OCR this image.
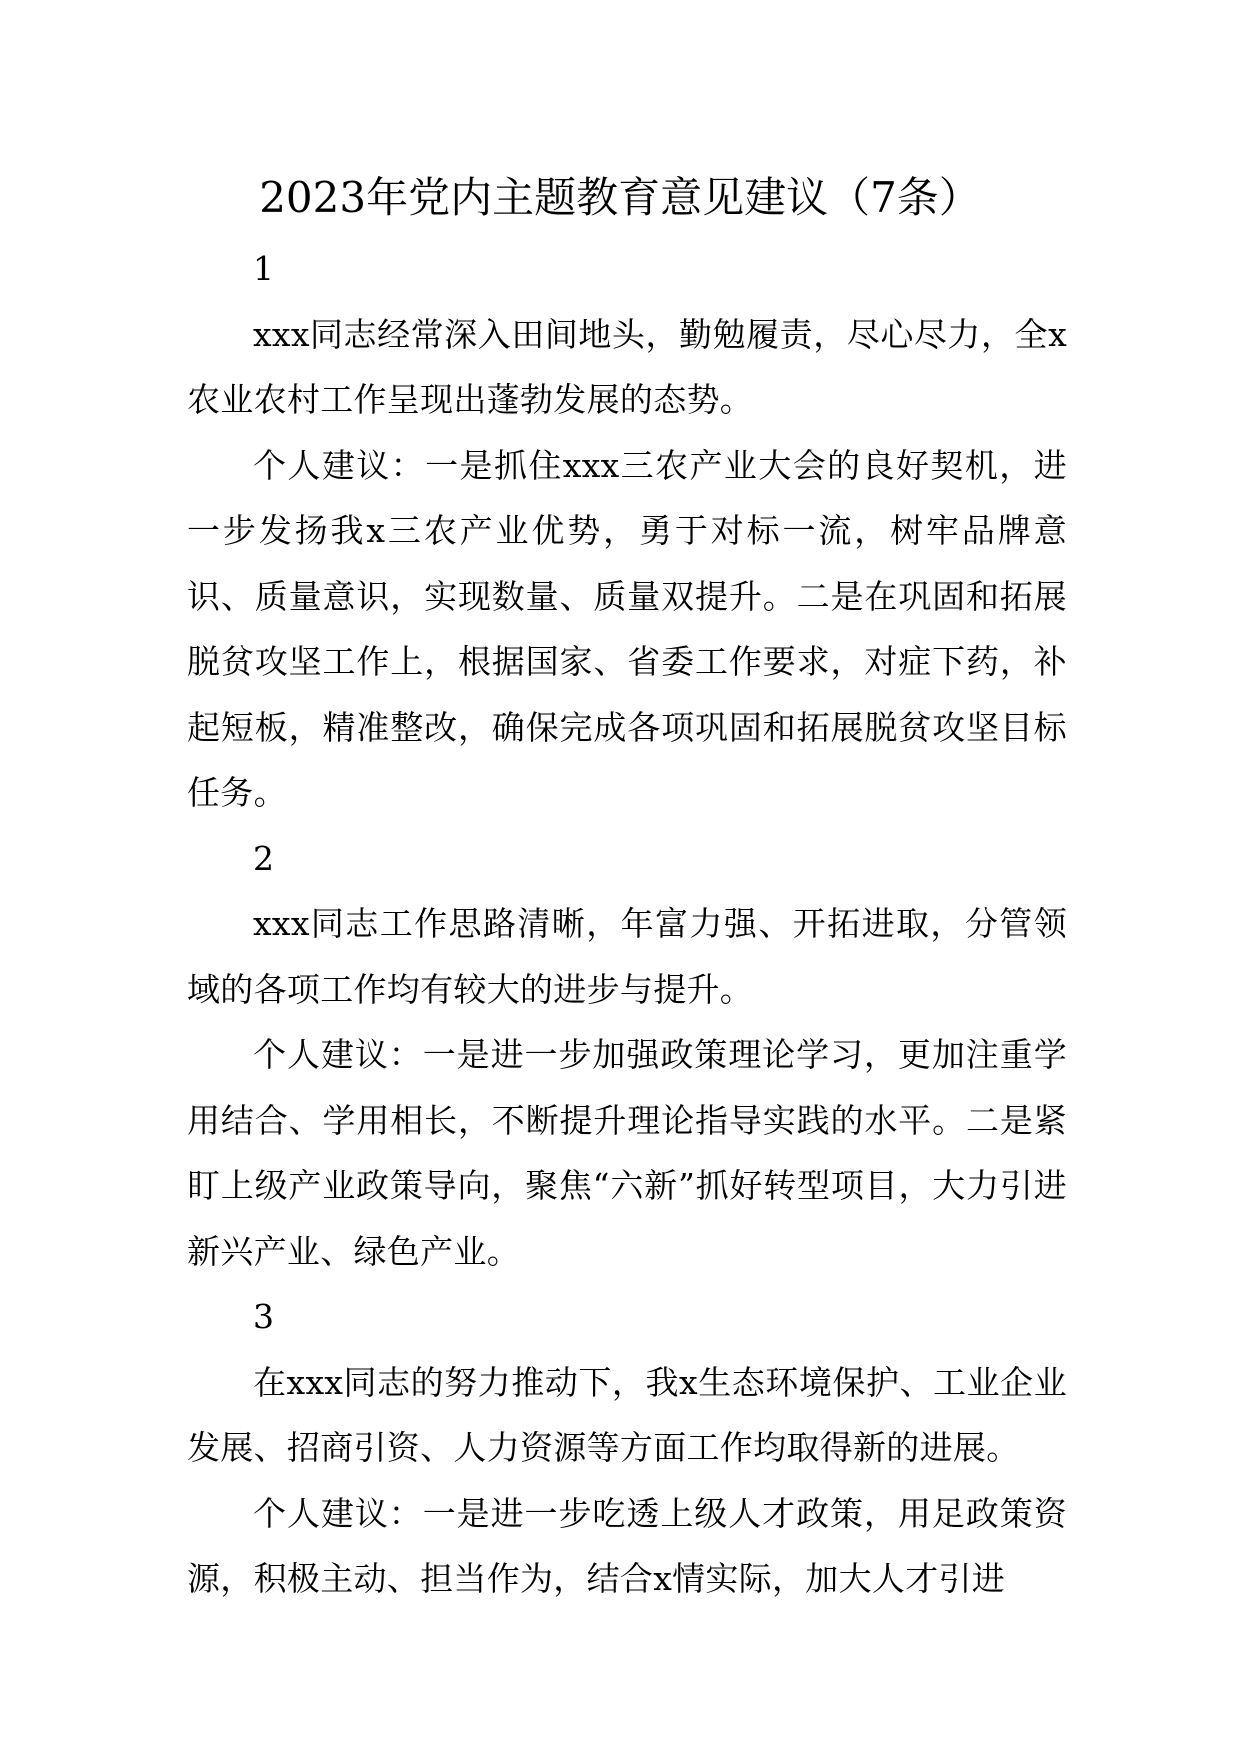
2023年党内主题教育意见建议（7条）

1

xxx同志经常深入田间地头，勤勉履责，尽心尽力，全x农业农村工作呈现出蓬勃发展的态势。

个人建议：一是抓住xxx三农产业大会的良好契机，进一步发扬我x三农产业优势，勇于对标一流，树牢品牌意识、质量意识，实现数量、质量双提升。二是在巩固和拓展脱贫攻坚工作上，根据国家、省委工作要求，对症下药，补起短板，精准整改，确保完成各项巩固和拓展脱贫攻坚目标任务。

2

xxx同志工作思路清晰，年富力强、开拓进取，分管领域的各项工作均有较大的进步与提升。

个人建议：一是进一步加强政策理论学习，更加注重学用结合、学用相长，不断提升理论指导实践的水平。二是紧盯上级产业政策导向，聚焦“六新”抓好转型项目，大力引进新兴产业、绿色产业。

3

在xxx同志的努力推动下，我x生态环境保护、工业企业发展、招商引资、人力资源等方面工作均取得新的进展。

个人建议：一是进一步吃透上级人才政策，用足政策资源，积极主动、担当作为，结合x情实际，加大人才引进
